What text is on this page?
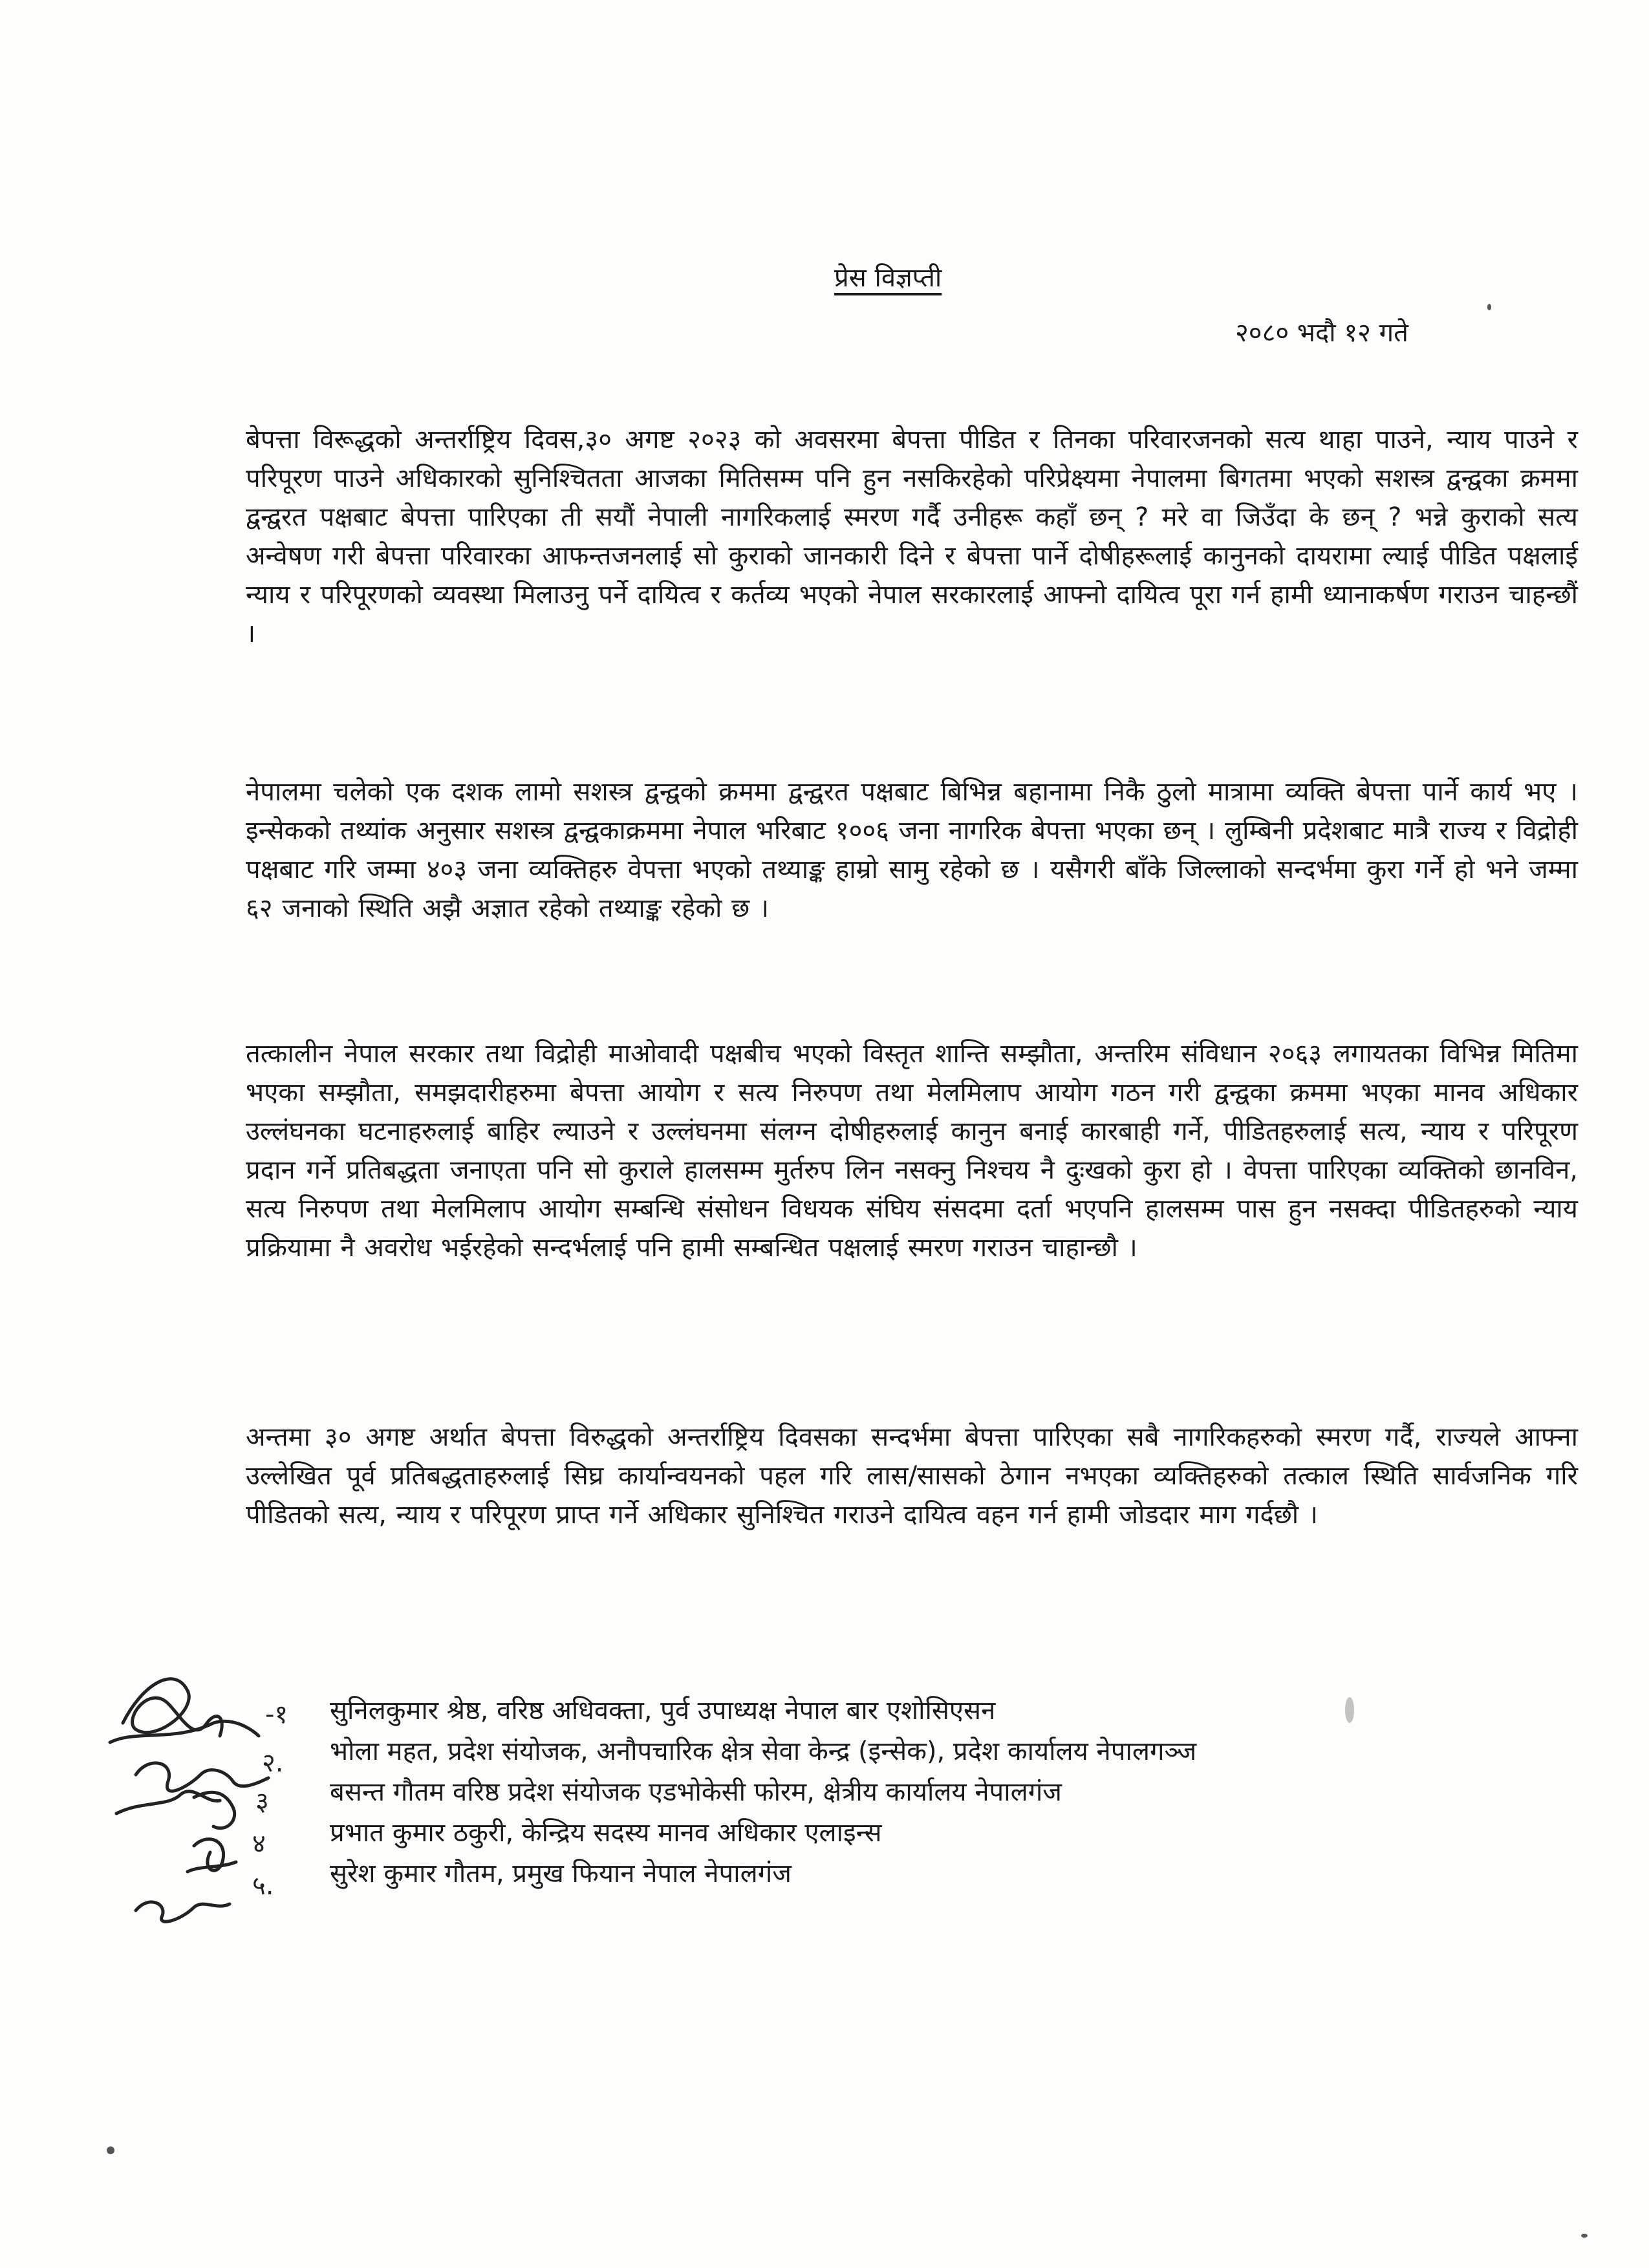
प्रेस विज्ञप्ती
२०८० भदौ १२ गते

बेपत्ता विरूद्धको अन्तर्राष्ट्रिय दिवस,३० अगष्ट २०२३ को अवसरमा बेपत्ता पीडित र तिनका परिवारजनको सत्य थाहा पाउने, न्याय पाउने र परिपूरण पाउने अधिकारको सुनिश्चितता आजका मितिसम्म पनि हुन नसकिरहेको परिप्रेक्ष्यमा नेपालमा बिगतमा भएको सशस्त्र द्वन्द्वका क्रममा द्वन्द्वरत पक्षबाट बेपत्ता पारिएका ती सयौं नेपाली नागरिकलाई स्मरण गर्दै उनीहरू कहाँ छन् ? मरे वा जिउँदा के छन् ? भन्ने कुराको सत्य अन्वेषण गरी बेपत्ता परिवारका आफन्तजनलाई सो कुराको जानकारी दिने र बेपत्ता पार्ने दोषीहरूलाई कानुनको दायरामा ल्याई पीडित पक्षलाई न्याय र परिपूरणको व्यवस्था मिलाउनु पर्ने दायित्व र कर्तव्य भएको नेपाल सरकारलाई आफ्नो दायित्व पूरा गर्न हामी ध्यानाकर्षण गराउन चाहन्छौं ।

नेपालमा चलेको एक दशक लामो सशस्त्र द्वन्द्वको क्रममा द्वन्द्वरत पक्षबाट बिभिन्न बहानामा निकै ठुलो मात्रामा व्यक्ति बेपत्ता पार्ने कार्य भए । इन्सेकको तथ्यांक अनुसार सशस्त्र द्वन्द्वकाक्रममा नेपाल भरिबाट १००६ जना नागरिक बेपत्ता भएका छन् । लुम्बिनी प्रदेशबाट मात्रै राज्य र विद्रोही पक्षबाट गरि जम्मा ४०३ जना व्यक्तिहरु वेपत्ता भएको तथ्याङ्क हाम्रो सामु रहेको छ । यसैगरी बाँके जिल्लाको सन्दर्भमा कुरा गर्ने हो भने जम्मा ६२ जनाको स्थिति अझै अज्ञात रहेको तथ्याङ्क रहेको छ ।

तत्कालीन नेपाल सरकार तथा विद्रोही माओवादी पक्षबीच भएको विस्तृत शान्ति सम्झौता, अन्तरिम संविधान २०६३ लगायतका विभिन्न मितिमा भएका सम्झौता, समझदारीहरुमा बेपत्ता आयोग र सत्य निरुपण तथा मेलमिलाप आयोग गठन गरी द्वन्द्वका क्रममा भएका मानव अधिकार उल्लंघनका घटनाहरुलाई बाहिर ल्याउने र उल्लंघनमा संलग्न दोषीहरुलाई कानुन बनाई कारबाही गर्ने, पीडितहरुलाई सत्य, न्याय र परिपूरण प्रदान गर्ने प्रतिबद्धता जनाएता पनि सो कुराले हालसम्म मुर्तरुप लिन नसक्नु निश्चय नै दुःखको कुरा हो । वेपत्ता पारिएका व्यक्तिको छानविन, सत्य निरुपण तथा मेलमिलाप आयोग सम्बन्धि संसोधन विधयक संघिय संसदमा दर्ता भएपनि हालसम्म पास हुन नसक्दा पीडितहरुको न्याय प्रक्रियामा नै अवरोध भईरहेको सन्दर्भलाई पनि हामी सम्बन्धित पक्षलाई स्मरण गराउन चाहान्छौ ।

अन्तमा ३० अगष्ट अर्थात बेपत्ता विरुद्धको अन्तर्राष्ट्रिय दिवसका सन्दर्भमा बेपत्ता पारिएका सबै नागरिकहरुको स्मरण गर्दै, राज्यले आफ्ना उल्लेखित पूर्व प्रतिबद्धताहरुलाई सिघ्र कार्यान्वयनको पहल गरि लास/सासको ठेगान नभएका व्यक्तिहरुको तत्काल स्थिति सार्वजनिक गरि पीडितको सत्य, न्याय र परिपूरण प्राप्त गर्ने अधिकार सुनिश्चित गराउने दायित्व वहन गर्न हामी जोडदार माग गर्दछौ ।

-१
२.
३
४
५.
सुनिलकुमार श्रेष्ठ, वरिष्ठ अधिवक्ता, पुर्व उपाध्यक्ष नेपाल बार एशोसिएसन
भोला महत, प्रदेश संयोजक, अनौपचारिक क्षेत्र सेवा केन्द्र (इन्सेक), प्रदेश कार्यालय नेपालगञ्ज
बसन्त गौतम वरिष्ठ प्रदेश संयोजक एडभोकेसी फोरम, क्षेत्रीय कार्यालय नेपालगंज
प्रभात कुमार ठकुरी, केन्द्रिय सदस्य मानव अधिकार एलाइन्स
सुरेश कुमार गौतम, प्रमुख फियान नेपाल नेपालगंज
